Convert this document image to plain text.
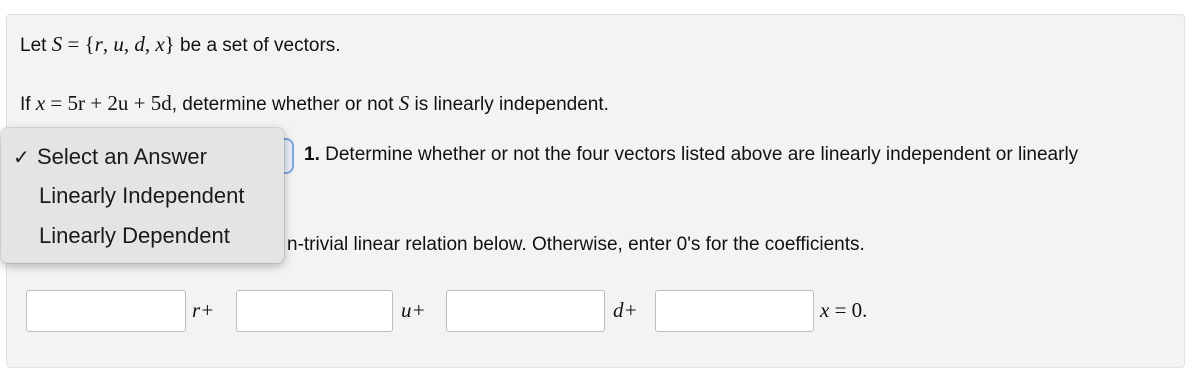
Let S = {r, u, d, x} be a set of vectors.
If x = 5r + 2u + 5d, determine whether or not S is linearly independent.
1. Determine whether or not the four vectors listed above are linearly independent or linearly
n-trivial linear relation below. Otherwise, enter 0's for the coefficients.
✓ Select an Answer
Linearly Independent
Linearly Dependent
r+	u+	d+	x = 0.
